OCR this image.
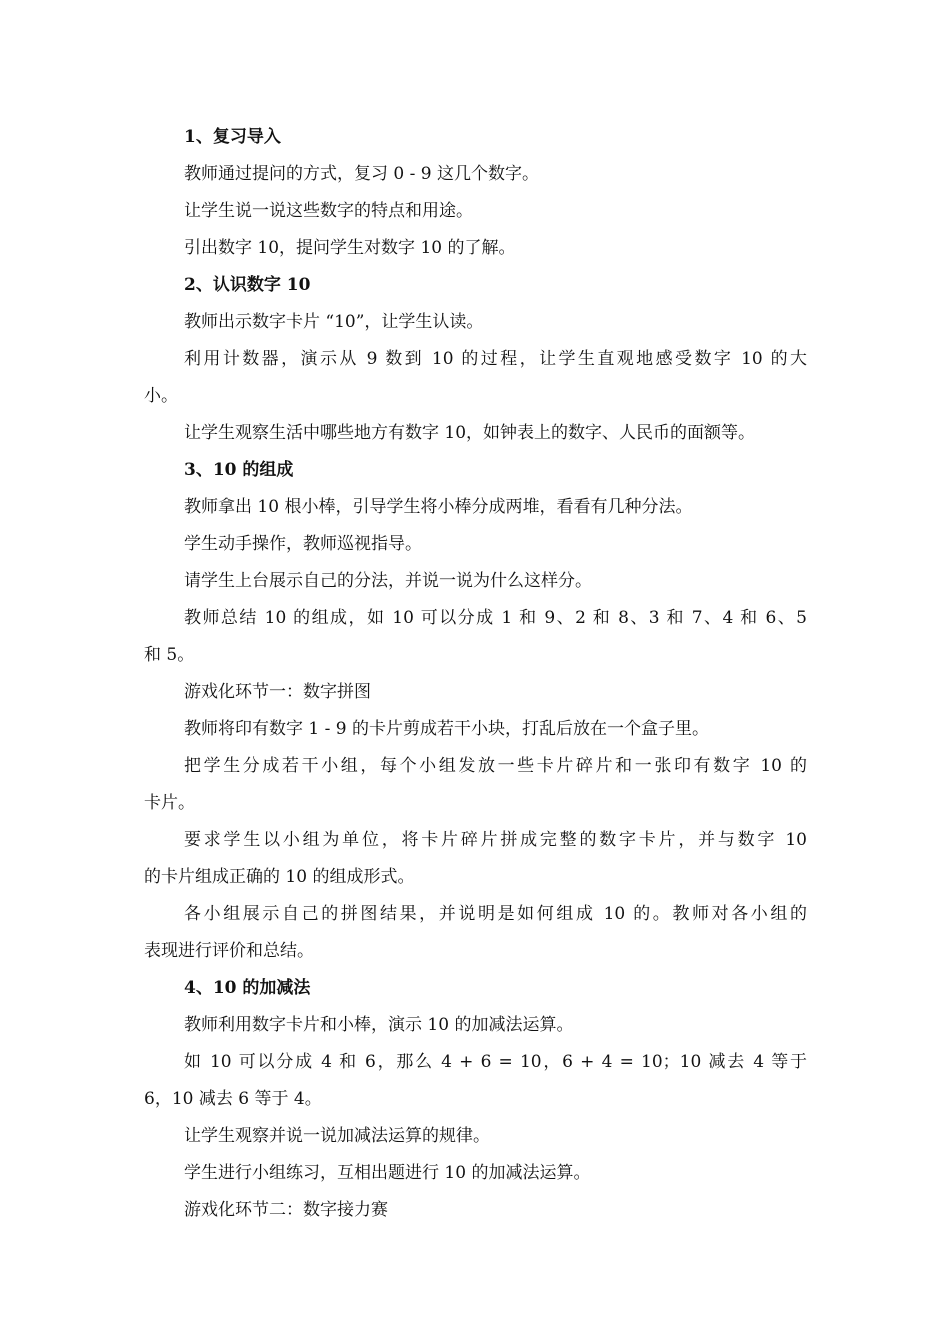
1、复习导入
教师通过提问的方式，复习 0 - 9 这几个数字。
让学生说一说这些数字的特点和用途。
引出数字 10，提问学生对数字 10 的了解。
2、认识数字 10
教师出示数字卡片 “10”，让学生认读。
利用计数器，演示从 9 数到 10 的过程，让学生直观地感受数字 10 的大
小。
让学生观察生活中哪些地方有数字 10，如钟表上的数字、人民币的面额等。
3、10 的组成
教师拿出 10 根小棒，引导学生将小棒分成两堆，看看有几种分法。
学生动手操作，教师巡视指导。
请学生上台展示自己的分法，并说一说为什么这样分。
教师总结 10 的组成，如 10 可以分成 1 和 9、2 和 8、3 和 7、4 和 6、5
和 5。
游戏化环节一：数字拼图
教师将印有数字 1 - 9 的卡片剪成若干小块，打乱后放在一个盒子里。
把学生分成若干小组，每个小组发放一些卡片碎片和一张印有数字 10 的
卡片。
要求学生以小组为单位，将卡片碎片拼成完整的数字卡片，并与数字 10
的卡片组成正确的 10 的组成形式。
各小组展示自己的拼图结果，并说明是如何组成 10 的。教师对各小组的
表现进行评价和总结。
4、10 的加减法
教师利用数字卡片和小棒，演示 10 的加减法运算。
如 10 可以分成 4 和 6，那么 4 + 6 = 10，6 + 4 = 10；10 减去 4 等于
6，10 减去 6 等于 4。
让学生观察并说一说加减法运算的规律。
学生进行小组练习，互相出题进行 10 的加减法运算。
游戏化环节二：数字接力赛
